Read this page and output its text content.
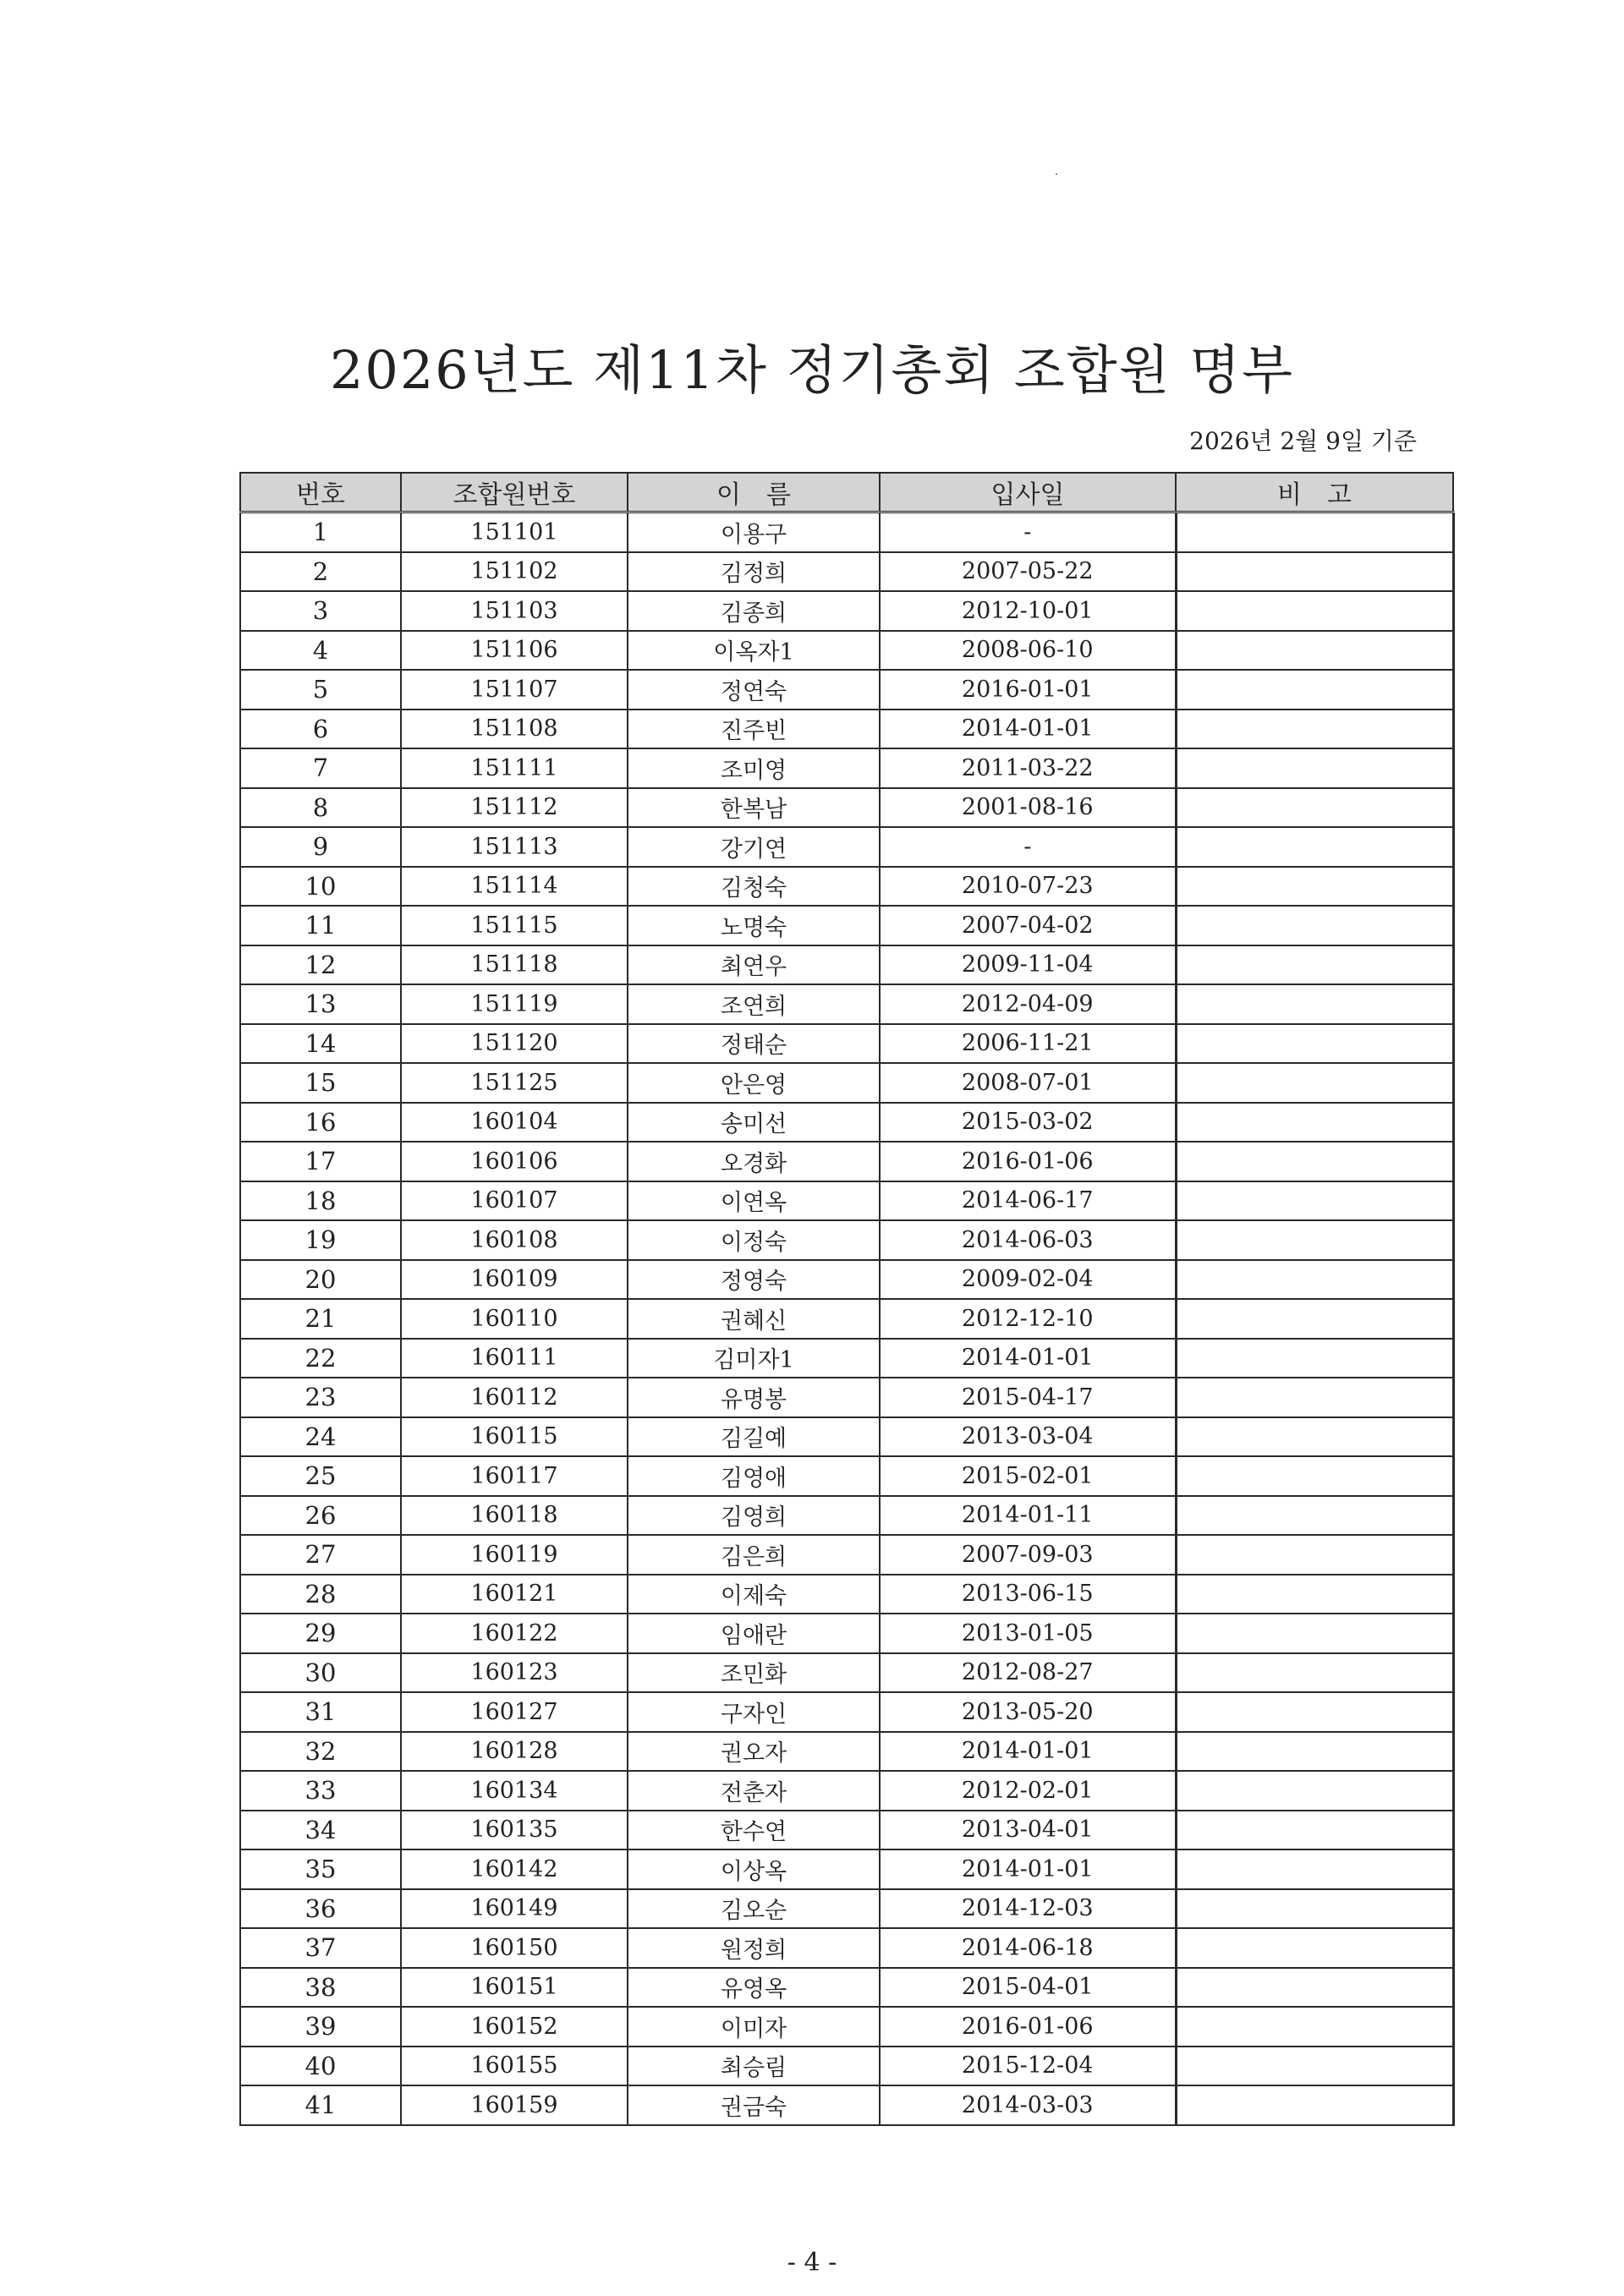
2026년도 제11차 정기총회 조합원 명부
2026년 2월 9일 기준
번호	조합원번호	이　름	입사일	비　고
1	151101	이용구	-	
2	151102	김정희	2007-05-22	
3	151103	김종희	2012-10-01	
4	151106	이옥자1	2008-06-10	
5	151107	정연숙	2016-01-01	
6	151108	진주빈	2014-01-01	
7	151111	조미영	2011-03-22	
8	151112	한복남	2001-08-16	
9	151113	강기연	-	
10	151114	김청숙	2010-07-23	
11	151115	노명숙	2007-04-02	
12	151118	최연우	2009-11-04	
13	151119	조연희	2012-04-09	
14	151120	정태순	2006-11-21	
15	151125	안은영	2008-07-01	
16	160104	송미선	2015-03-02	
17	160106	오경화	2016-01-06	
18	160107	이연옥	2014-06-17	
19	160108	이정숙	2014-06-03	
20	160109	정영숙	2009-02-04	
21	160110	권혜신	2012-12-10	
22	160111	김미자1	2014-01-01	
23	160112	유명봉	2015-04-17	
24	160115	김길예	2013-03-04	
25	160117	김영애	2015-02-01	
26	160118	김영희	2014-01-11	
27	160119	김은희	2007-09-03	
28	160121	이제숙	2013-06-15	
29	160122	임애란	2013-01-05	
30	160123	조민화	2012-08-27	
31	160127	구자인	2013-05-20	
32	160128	권오자	2014-01-01	
33	160134	전춘자	2012-02-01	
34	160135	한수연	2013-04-01	
35	160142	이상옥	2014-01-01	
36	160149	김오순	2014-12-03	
37	160150	원정희	2014-06-18	
38	160151	유영옥	2015-04-01	
39	160152	이미자	2016-01-06	
40	160155	최승림	2015-12-04	
41	160159	권금숙	2014-03-03	
- 4 -
